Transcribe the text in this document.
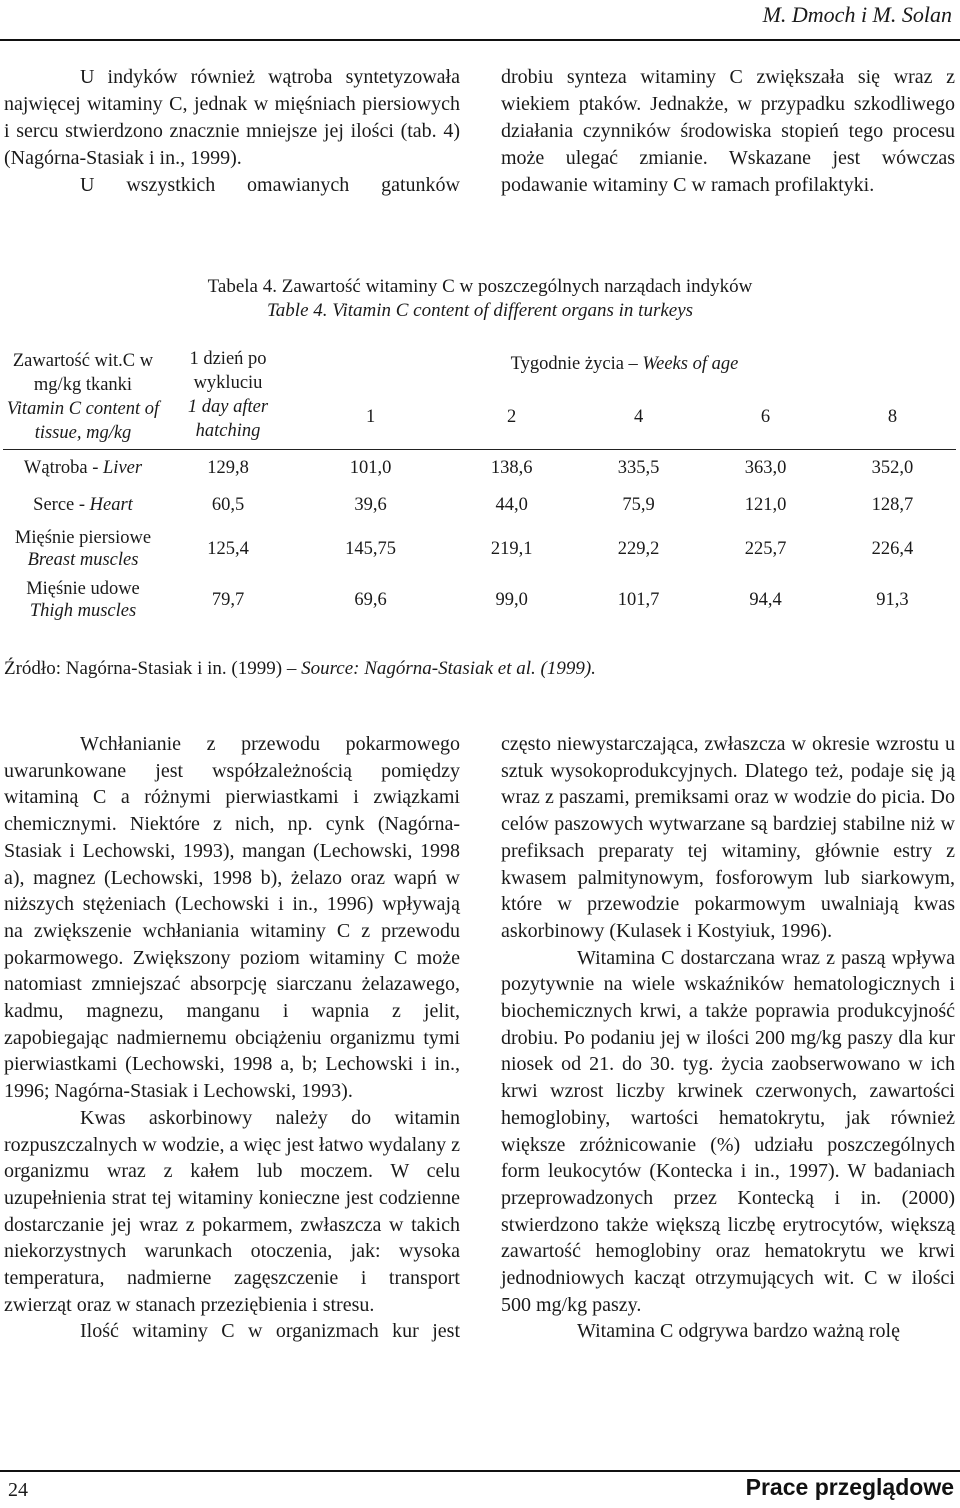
M. Dmoch i M. Solan

U indyków również wątroba syntetyzowała najwięcej witaminy C, jednak w mięśniach piersiowych i sercu stwierdzono znacznie mniejsze jej ilości (tab. 4) (Nagórna-Stasiak i in., 1999).

U wszystkich omawianych gatunków

drobiu synteza witaminy C zwiększała się wraz z wiekiem ptaków. Jednakże, w przypadku szkodliwego działania czynników środowiska stopień tego procesu może ulegać zmianie. Wskazane jest wówczas podawanie witaminy C w ramach profilaktyki.

Tabela 4. Zawartość witaminy C w poszczególnych narządach indyków
Table 4. Vitamin C content of different organs in turkeys
Zawartość wit.C w mg/kg tkanki
Vitamin C content of tissue, mg/kg	1 dzień po wykluciu
1 day after hatching	Tygodnie życia – Weeks of age				
		1	2	4	6	8
Wątroba - Liver	129,8	101,0	138,6	335,5	363,0	352,0
Serce - Heart	60,5	39,6	44,0	75,9	121,0	128,7
Mięśnie piersiowe
Breast muscles	125,4	145,75	219,1	229,2	225,7	226,4
Mięśnie udowe
Thigh muscles	79,7	69,6	99,0	101,7	94,4	91,3
Źródło: Nagórna-Stasiak i in. (1999) – Source: Nagórna-Stasiak et al. (1999).

Wchłanianie z przewodu pokarmowego uwarunkowane jest współzależnością pomiędzy witaminą C a różnymi pierwiastkami i związkami chemicznymi. Niektóre z nich, np. cynk (Nagórna-Stasiak i Lechowski, 1993), mangan (Lechowski, 1998 a), magnez (Lechowski, 1998 b), żelazo oraz wapń w niższych stężeniach (Lechowski i in., 1996) wpływają na zwiększenie wchłaniania witaminy C z przewodu pokarmowego. Zwiększony poziom witaminy C może natomiast zmniejszać absorpcję siarczanu żelazawego, kadmu, magnezu, manganu i wapnia z jelit, zapobiegając nadmiernemu obciążeniu organizmu tymi pierwiastkami (Lechowski, 1998 a, b; Lechowski i in., 1996; Nagórna-Stasiak i Lechowski, 1993).

Kwas askorbinowy należy do witamin rozpuszczalnych w wodzie, a więc jest łatwo wydalany z organizmu wraz z kałem lub moczem. W celu uzupełnienia strat tej witaminy konieczne jest codzienne dostarczanie jej wraz z pokarmem, zwłaszcza w takich niekorzystnych warunkach otoczenia, jak: wysoka temperatura, nadmierne zagęszczenie i transport zwierząt oraz w stanach przeziębienia i stresu.

Ilość witaminy C w organizmach kur jest

często niewystarczająca, zwłaszcza w okresie wzrostu u sztuk wysokoprodukcyjnych. Dlatego też, podaje się ją wraz z paszami, premiksami oraz w wodzie do picia. Do celów paszowych wytwarzane są bardziej stabilne niż w prefiksach preparaty tej witaminy, głównie estry z kwasem palmitynowym, fosforowym lub siarkowym, które w przewodzie pokarmowym uwalniają kwas askorbinowy (Kulasek i Kostyiuk, 1996).

Witamina C dostarczana wraz z paszą wpływa pozytywnie na wiele wskaźników hematologicznych i biochemicznych krwi, a także poprawia produkcyjność drobiu. Po podaniu jej w ilości 200 mg/kg paszy dla kur niosek od 21. do 30. tyg. życia zaobserwowano w ich krwi wzrost liczby krwinek czerwonych, zawartości hemoglobiny, wartości hematokrytu, jak również większe zróżnicowanie (%) udziału poszczególnych form leukocytów (Kontecka i in., 1997). W badaniach przeprowadzonych przez Kontecką i in. (2000) stwierdzono także większą liczbę erytrocytów, większą zawartość hemoglobiny oraz hematokrytu we krwi jednodniowych kacząt otrzymujących wit. C w ilości 500 mg/kg paszy.

Witamina C odgrywa bardzo ważną rolę

24	Prace przeglądowe
